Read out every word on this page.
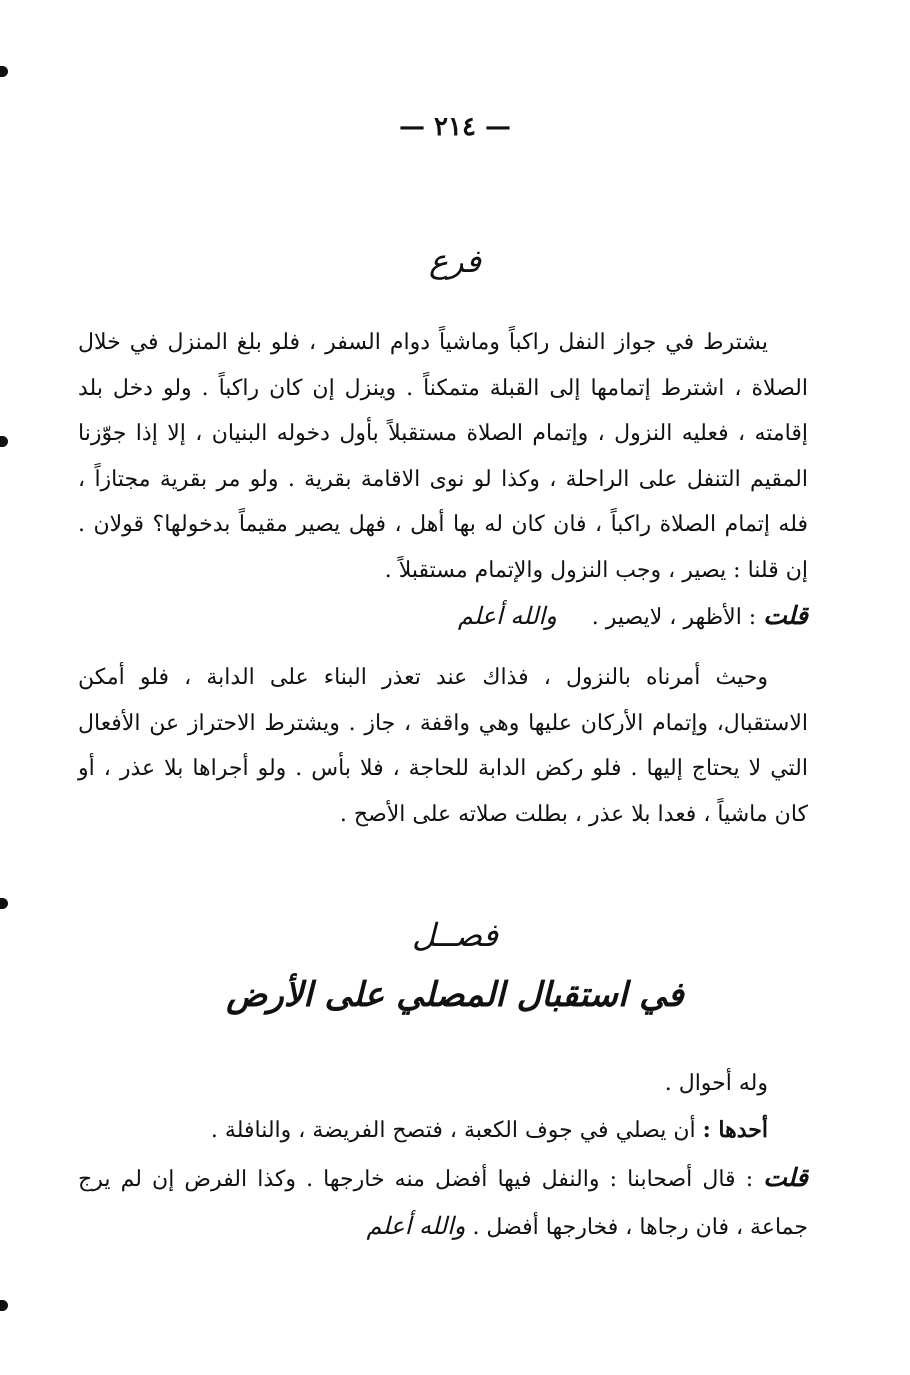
— ٢١٤ —
فرع

يشترط في جواز النفل راكباً وماشياً دوام السفر ، فلو بلغ المنزل في خلال الصلاة ، اشترط إتمامها إلى القبلة متمكناً . وينزل إن كان راكباً . ولو دخل بلد إقامته ، فعليه النزول ، وإتمام الصلاة مستقبلاً بأول دخوله البنيان ، إلا إذا جوّزنا المقيم التنفل على الراحلة ، وكذا لو نوى الاقامة بقرية . ولو مر بقرية مجتازاً ، فله إتمام الصلاة راكباً ، فان كان له بها أهل ، فهل يصير مقيماً بدخولها؟ قولان . إن قلنا : يصير ، وجب النزول والإتمام مستقبلاً .
قلت : الأظهر ، لايصير .     والله أعلم

وحيث أمرناه بالنزول ، فذاك عند تعذر البناء على الدابة ، فلو أمكن الاستقبال، وإتمام الأركان عليها وهي واقفة ، جاز . ويشترط الاحتراز عن الأفعال التي لا يحتاج إليها . فلو ركض الدابة للحاجة ، فلا بأس . ولو أجراها بلا عذر ، أو كان ماشياً ، فعدا بلا عذر ، بطلت صلاته على الأصح .

فصــل
في استقبال المصلي على الأرض

وله أحوال .
أحدها : أن يصلي في جوف الكعبة ، فتصح الفريضة ، والنافلة .
قلت : قال أصحابنا : والنفل فيها أفضل منه خارجها . وكذا الفرض إن لم يرج جماعة ، فان رجاها ، فخارجها أفضل . والله أعلم
